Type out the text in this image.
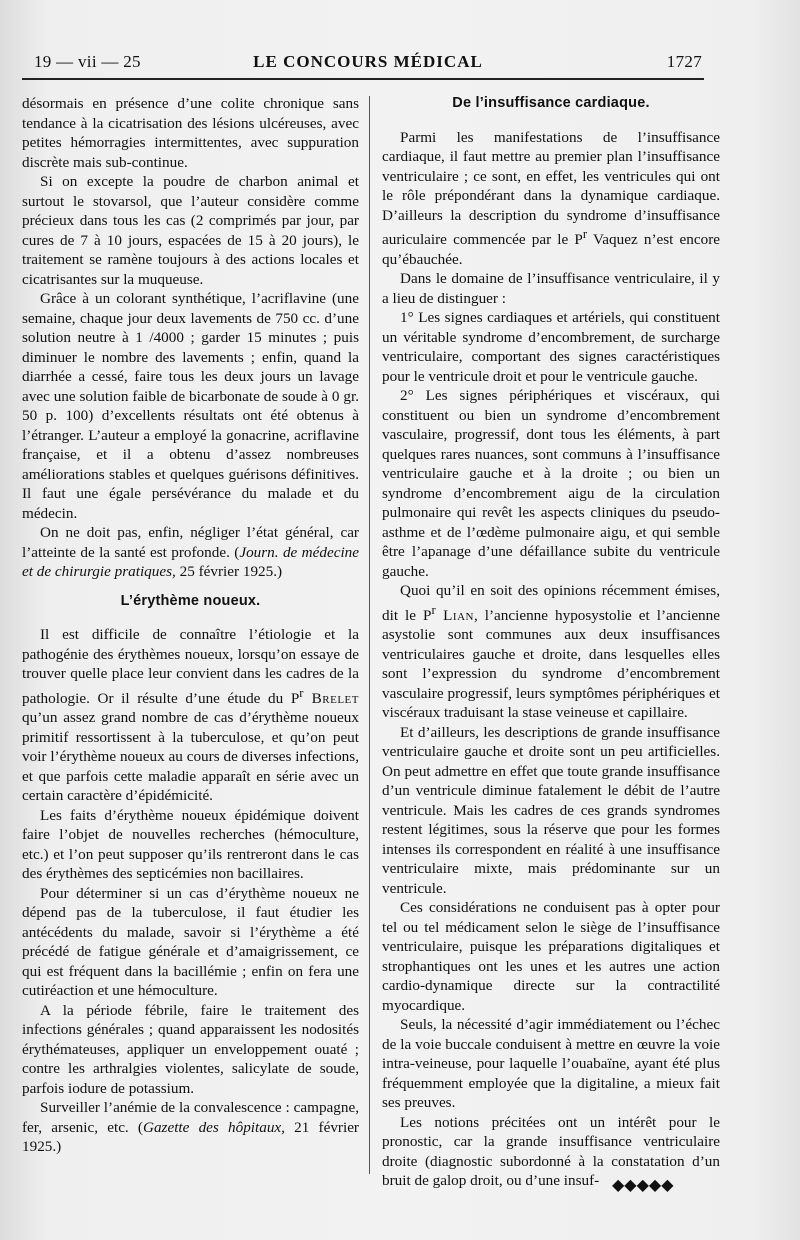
19 — vii — 25	LE CONCOURS MÉDICAL	1727

désormais en présence d’une colite chronique sans tendance à la cicatrisation des lésions ulcéreuses, avec petites hémorragies intermittentes, avec suppuration discrète mais sub-continue.

Si on excepte la poudre de charbon animal et surtout le stovarsol, que l’auteur considère comme précieux dans tous les cas (2 comprimés par jour, par cures de 7 à 10 jours, espacées de 15 à 20 jours), le traitement se ramène toujours à des actions locales et cicatrisantes sur la muqueuse.

Grâce à un colorant synthétique, l’acriflavine (une semaine, chaque jour deux lavements de 750 cc. d’une solution neutre à 1 /4000 ; garder 15 minutes ; puis diminuer le nombre des lavements ; enfin, quand la diarrhée a cessé, faire tous les deux jours un lavage avec une solution faible de bicarbonate de soude à 0 gr. 50 p. 100) d’excellents résultats ont été obtenus à l’étranger. L’auteur a employé la gonacrine, acriflavine française, et il a obtenu d’assez nombreuses améliorations stables et quelques guérisons définitives. Il faut une égale persévérance du malade et du médecin.

On ne doit pas, enfin, négliger l’état général, car l’atteinte de la santé est profonde. (Journ. de médecine et de chirurgie pratiques, 25 février 1925.)

L’érythème noueux.

Il est difficile de connaître l’étiologie et la pathogénie des érythèmes noueux, lorsqu’on essaye de trouver quelle place leur convient dans les cadres de la pathologie. Or il résulte d’une étude du $P^r$ Brelet qu’un assez grand nombre de cas d’érythème noueux primitif ressortissent à la tuberculose, et qu’on peut voir l’érythème noueux au cours de diverses infections, et que parfois cette maladie apparaît en série avec un certain caractère d’épidémicité.

Les faits d’érythème noueux épidémique doivent faire l’objet de nouvelles recherches (hémoculture, etc.) et l’on peut supposer qu’ils rentreront dans le cas des érythèmes des septicémies non bacillaires.

Pour déterminer si un cas d’érythème noueux ne dépend pas de la tuberculose, il faut étudier les antécédents du malade, savoir si l’érythème a été précédé de fatigue générale et d’amaigrissement, ce qui est fréquent dans la bacillémie ; enfin on fera une cutiréaction et une hémoculture.

A la période fébrile, faire le traitement des infections générales ; quand apparaissent les nodosités érythémateuses, appliquer un enveloppement ouaté ; contre les arthralgies violentes, salicylate de soude, parfois iodure de potassium.

Surveiller l’anémie de la convalescence : campagne, fer, arsenic, etc. (Gazette des hôpitaux, 21 février 1925.)

De l’insuffisance cardiaque.

Parmi les manifestations de l’insuffisance cardiaque, il faut mettre au premier plan l’insuffisance ventriculaire ; ce sont, en effet, les ventricules qui ont le rôle prépondérant dans la dynamique cardiaque. D’ailleurs la description du syndrome d’insuffisance auriculaire commencée par le $P^r$ Vaquez n’est encore qu’ébauchée.

Dans le domaine de l’insuffisance ventriculaire, il y a lieu de distinguer :

1° Les signes cardiaques et artériels, qui constituent un véritable syndrome d’encombrement, de surcharge ventriculaire, comportant des signes caractéristiques pour le ventricule droit et pour le ventricule gauche.

2° Les signes périphériques et viscéraux, qui constituent ou bien un syndrome d’encombrement vasculaire, progressif, dont tous les éléments, à part quelques rares nuances, sont communs à l’insuffisance ventriculaire gauche et à la droite ; ou bien un syndrome d’encombrement aigu de la circulation pulmonaire qui revêt les aspects cliniques du pseudo-asthme et de l’œdème pulmonaire aigu, et qui semble être l’apanage d’une défaillance subite du ventricule gauche.

Quoi qu’il en soit des opinions récemment émises, dit le $P^r$ Lian, l’ancienne hyposystolie et l’ancienne asystolie sont communes aux deux insuffisances ventriculaires gauche et droite, dans lesquelles elles sont l’expression du syndrome d’encombrement vasculaire progressif, leurs symptômes périphériques et viscéraux traduisant la stase veineuse et capillaire.

Et d’ailleurs, les descriptions de grande insuffisance ventriculaire gauche et droite sont un peu artificielles. On peut admettre en effet que toute grande insuffisance d’un ventricule diminue fatalement le débit de l’autre ventricule. Mais les cadres de ces grands syndromes restent légitimes, sous la réserve que pour les formes intenses ils correspondent en réalité à une insuffisance ventriculaire mixte, mais prédominante sur un ventricule.

Ces considérations ne conduisent pas à opter pour tel ou tel médicament selon le siège de l’insuffisance ventriculaire, puisque les préparations digitaliques et strophantiques ont les unes et les autres une action cardio-dynamique directe sur la contractilité myocardique.

Seuls, la nécessité d’agir immédiatement ou l’échec de la voie buccale conduisent à mettre en œuvre la voie intra-veineuse, pour laquelle l’ouabaïne, ayant été plus fréquemment employée que la digitaline, a mieux fait ses preuves.

Les notions précitées ont un intérêt pour le pronostic, car la grande insuffisance ventriculaire droite (diagnostic subordonné à la constatation d’un bruit de galop droit, ou d’une insuf- ◆◆◆◆◆
